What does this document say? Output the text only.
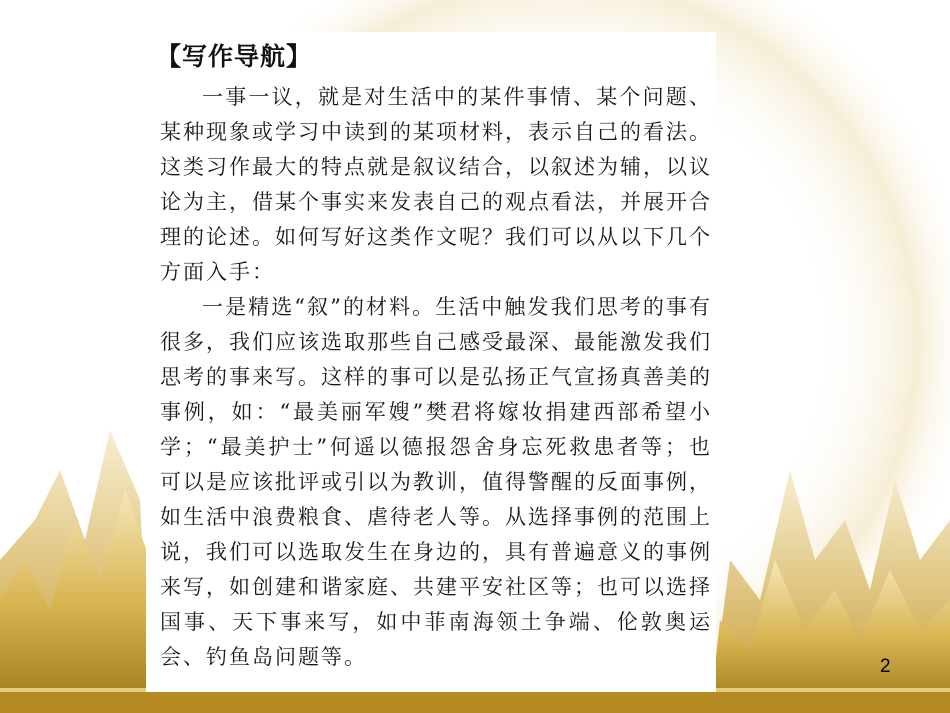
【写作导航】

一事一议，就是对生活中的某件事情、某个问题、某种现象或学习中读到的某项材料，表示自己的看法。这类习作最大的特点就是叙议结合，以叙述为辅，以议论为主，借某个事实来发表自己的观点看法，并展开合理的论述。如何写好这类作文呢？我们可以从以下几个方面入手：

一是精选“叙”的材料。生活中触发我们思考的事有很多，我们应该选取那些自己感受最深、最能激发我们思考的事来写。这样的事可以是弘扬正气宣扬真善美的事例，如：“最美丽军嫂”樊君将嫁妆捐建西部希望小学；“最美护士”何遥以德报怨舍身忘死救患者等；也可以是应该批评或引以为教训，值得警醒的反面事例，如生活中浪费粮食、虐待老人等。从选择事例的范围上说，我们可以选取发生在身边的，具有普遍意义的事例来写，如创建和谐家庭、共建平安社区等；也可以选择国事、天下事来写，如中菲南海领土争端、伦敦奥运会、钓鱼岛问题等。	2
